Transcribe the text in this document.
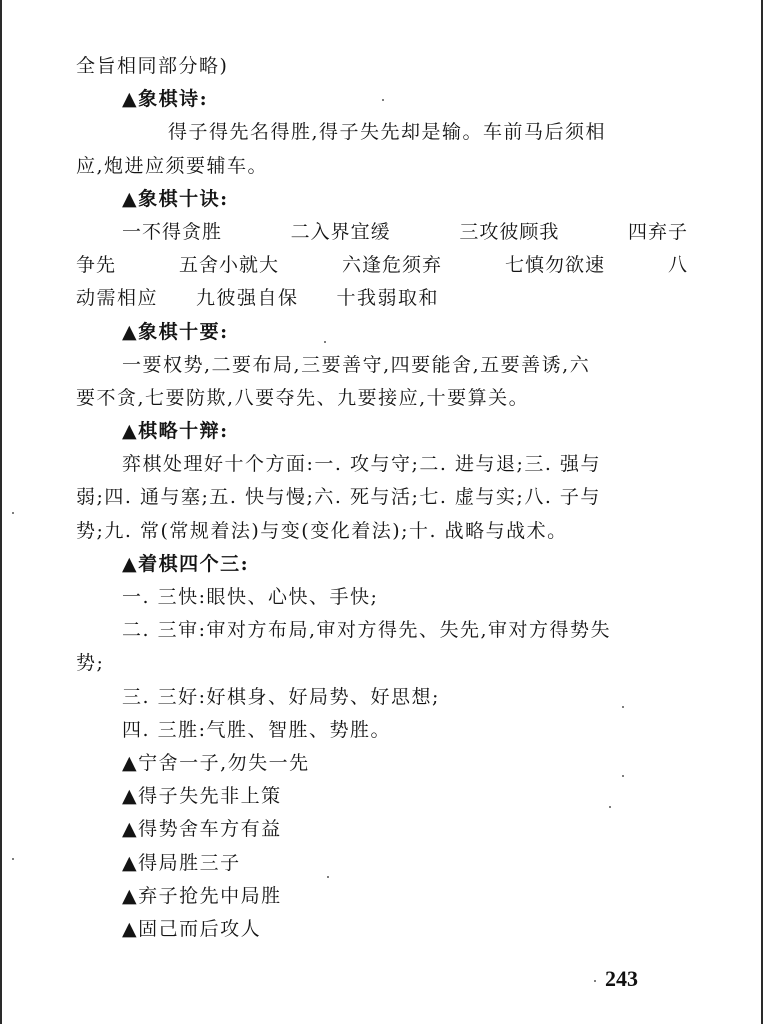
全旨相同部分略)
▲象棋诗:
得子得先名得胜,得子失先却是输。车前马后须相
应,炮进应须要辅车。
▲象棋十诀:
一不得贪胜	二入界宜缓	三攻彼顾我	四弃子
争先	五舍小就大	六逢危须弃	七慎勿欲速	八
动需相应 九彼强自保 十我弱取和
▲象棋十要:
一要权势,二要布局,三要善守,四要能舍,五要善诱,六
要不贪,七要防欺,八要夺先、九要接应,十要算关。
▲棋略十辩:
弈棋处理好十个方面:一. 攻与守;二. 进与退;三. 强与
弱;四. 通与塞;五. 快与慢;六. 死与活;七. 虚与实;八. 子与
势;九. 常(常规着法)与变(变化着法);十. 战略与战术。
▲着棋四个三:
一. 三快:眼快、心快、手快;
二. 三审:审对方布局,审对方得先、失先,审对方得势失
势;
三. 三好:好棋身、好局势、好思想;
四. 三胜:气胜、智胜、势胜。
▲宁舍一子,勿失一先
▲得子失先非上策
▲得势舍车方有益
▲得局胜三子
▲弃子抢先中局胜
▲固己而后攻人
243
